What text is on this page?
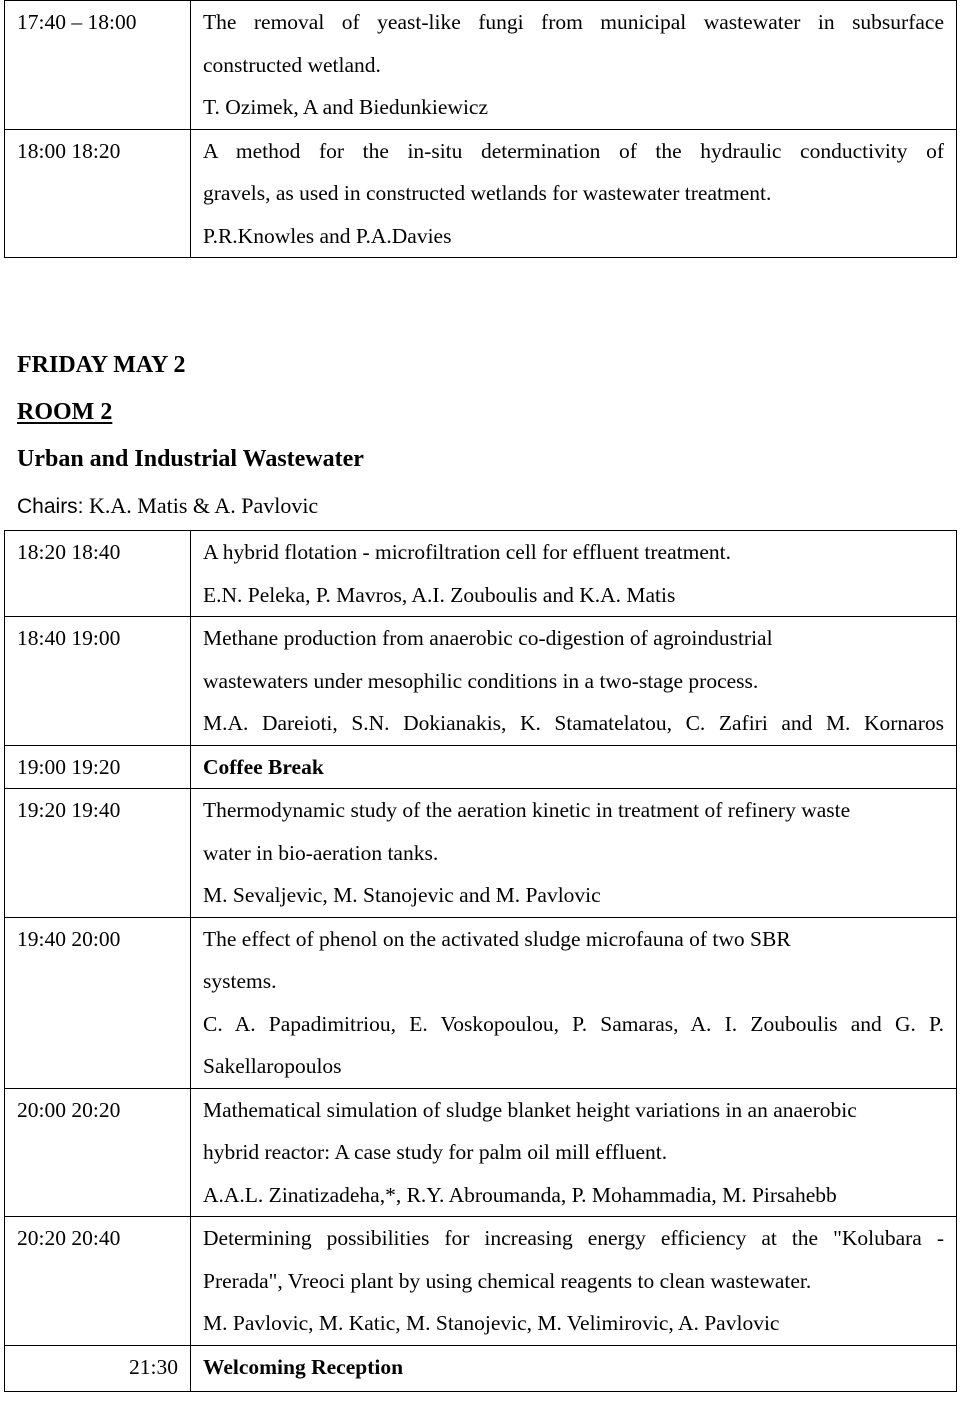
17:40 – 18:00	The removal of yeast-like fungi from municipal wastewater in subsurface
constructed wetland.
T. Ozimek, A and Biedunkiewicz

18:00 18:20	A method for the in-situ determination of the hydraulic conductivity of
gravels, as used in constructed wetlands for wastewater treatment.
P.R.Knowles and P.A.Davies
FRIDAY MAY 2
ROOM 2
Urban and Industrial Wastewater
Chairs: K.A. Matis & A. Pavlovic
18:20 18:40	A hybrid flotation - microfiltration cell for effluent treatment.
E.N. Peleka, P. Mavros, A.I. Zouboulis and K.A. Matis

18:40 19:00	Methane production from anaerobic co-digestion of agroindustrial
wastewaters under mesophilic conditions in a two-stage process.
M.A. Dareioti, S.N. Dokianakis, K. Stamatelatou, C. Zafiri and M. Kornaros

19:00 19:20	Coffee Break

19:20 19:40	Thermodynamic study of the aeration kinetic in treatment of refinery waste
water in bio-aeration tanks.
M. Sevaljevic, M. Stanojevic and M. Pavlovic

19:40 20:00	The effect of phenol on the activated sludge microfauna of two SBR
systems.
C. A. Papadimitriou, E. Voskopoulou, P. Samaras, A. I. Zouboulis and G. P.
Sakellaropoulos

20:00 20:20	Mathematical simulation of sludge blanket height variations in an anaerobic
hybrid reactor: A case study for palm oil mill effluent.
A.A.L. Zinatizadeha,*, R.Y. Abroumanda, P. Mohammadia, M. Pirsahebb

20:20 20:40	Determining possibilities for increasing energy efficiency at the "Kolubara -
Prerada", Vreoci plant by using chemical reagents to clean wastewater.
M. Pavlovic, M. Katic, M. Stanojevic, M. Velimirovic, A. Pavlovic

21:30	Welcoming Reception
